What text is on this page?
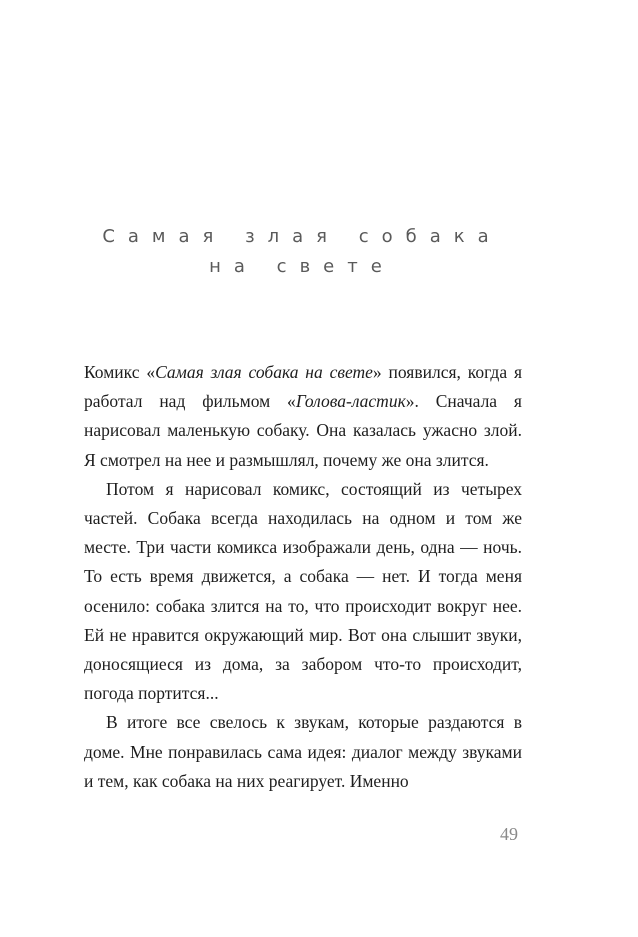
Самая злая собака
на свете

Комикс «Самая злая собака на свете» появился, когда я работал над фильмом «Голова-ластик». Сначала я нарисовал маленькую собаку. Она казалась ужасно злой. Я смотрел на нее и размышлял, почему же она злится.

Потом я нарисовал комикс, состоящий из четырех частей. Собака всегда находилась на одном и том же месте. Три части комикса изображали день, одна — ночь. То есть время движется, а собака — нет. И тогда меня осенило: собака злится на то, что происходит вокруг нее. Ей не нравится окружающий мир. Вот она слышит звуки, доносящиеся из дома, за забором что-то происходит, погода портится...

В итоге все свелось к звукам, которые раздаются в доме. Мне понравилась сама идея: диалог между звуками и тем, как собака на них реагирует. Именно

49
